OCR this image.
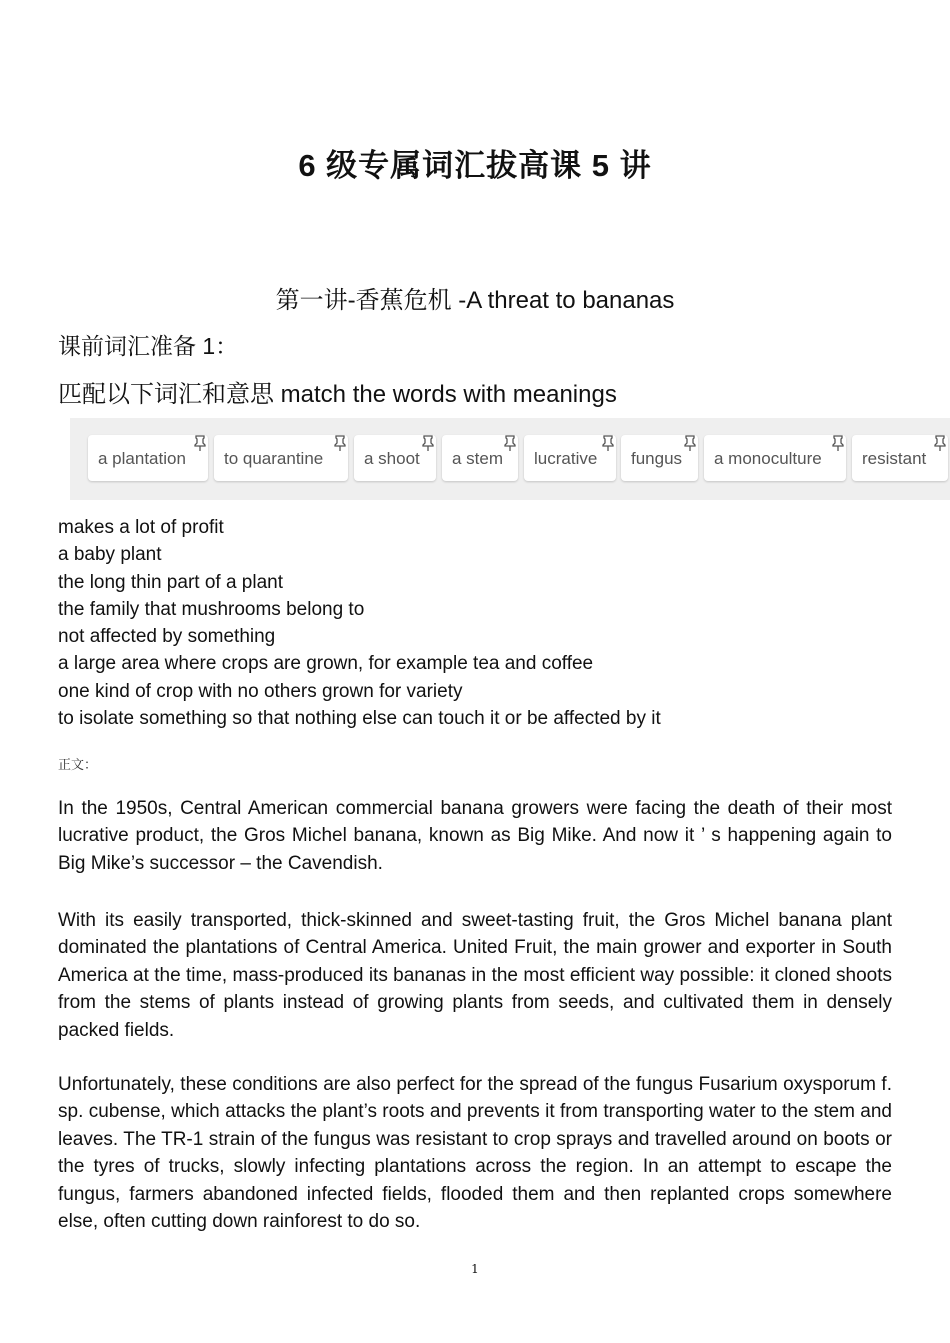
6 级专属词汇拔高课 5 讲
第一讲-香蕉危机 -A threat to bananas
课前词汇准备 1：
匹配以下词汇和意思 match the words with meanings
a plantation	to quarantine	a shoot	a stem	lucrative	fungus	a monoculture	resistant
makes a lot of profit
a baby plant
the long thin part of a plant
the family that mushrooms belong to
not affected by something
a large area where crops are grown, for example tea and coffee
one kind of crop with no others grown for variety
to isolate something so that nothing else can touch it or be affected by it
正文：
In the 1950s, Central American commercial banana growers were facing the death of their most lucrative product, the Gros Michel banana, known as Big Mike. And now it ’ s happening again to Big Mike’s successor – the Cavendish.
With its easily transported, thick-skinned and sweet-tasting fruit, the Gros Michel banana plant dominated the plantations of Central America. United Fruit, the main grower and exporter in South America at the time, mass-produced its bananas in the most efficient way possible: it cloned shoots from the stems of plants instead of growing plants from seeds, and cultivated them in densely packed fields.
Unfortunately, these conditions are also perfect for the spread of the fungus Fusarium oxysporum f. sp. cubense, which attacks the plant’s roots and prevents it from transporting water to the stem and leaves. The TR-1 strain of the fungus was resistant to crop sprays and travelled around on boots or the tyres of trucks, slowly infecting plantations across the region. In an attempt to escape the fungus, farmers abandoned infected fields, flooded them and then replanted crops somewhere else, often cutting down rainforest to do so.
1
